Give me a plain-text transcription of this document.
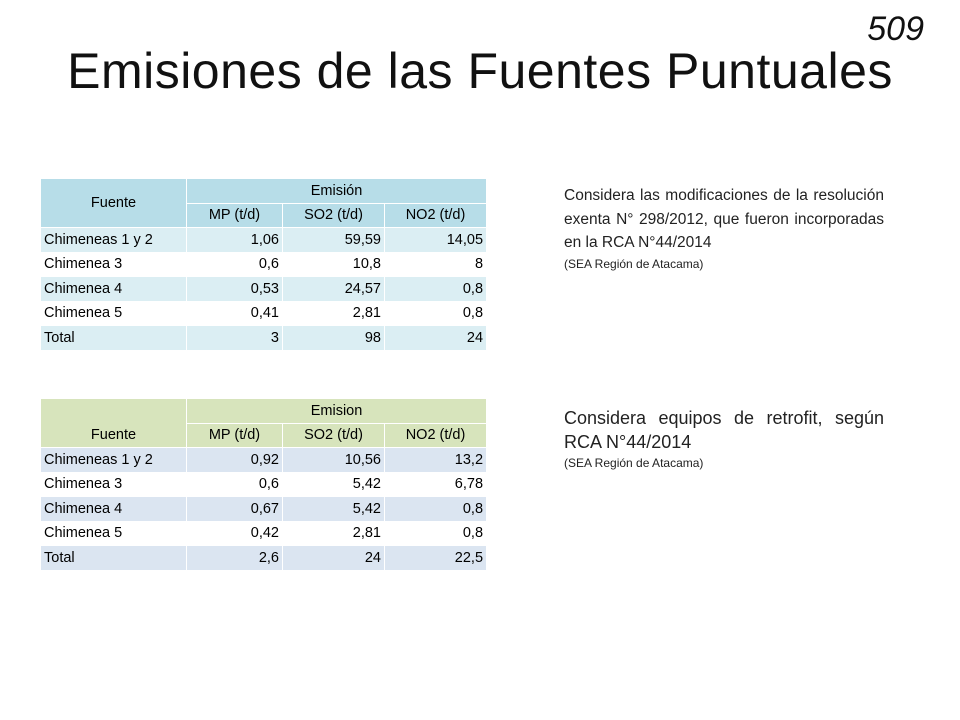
509
Emisiones de las Fuentes Puntuales
Fuente	Emisión		
	MP (t/d)	SO2 (t/d)	NO2 (t/d)
Chimeneas 1 y 2	1,06	59,59	14,05
Chimenea 3	0,6	10,8	8
Chimenea 4	0,53	24,57	0,8
Chimenea 5	0,41	2,81	0,8
Total	3	98	24
Considera las modificaciones de la resolución exenta N° 298/2012, que fueron incorporadas en la RCA N°44/2014
(SEA Región de Atacama)
Fuente	Emision		
	MP (t/d)	SO2 (t/d)	NO2 (t/d)
Chimeneas 1 y 2	0,92	10,56	13,2
Chimenea 3	0,6	5,42	6,78
Chimenea 4	0,67	5,42	0,8
Chimenea 5	0,42	2,81	0,8
Total	2,6	24	22,5
Considera equipos de retrofit, según RCA N°44/2014
(SEA Región de Atacama)
